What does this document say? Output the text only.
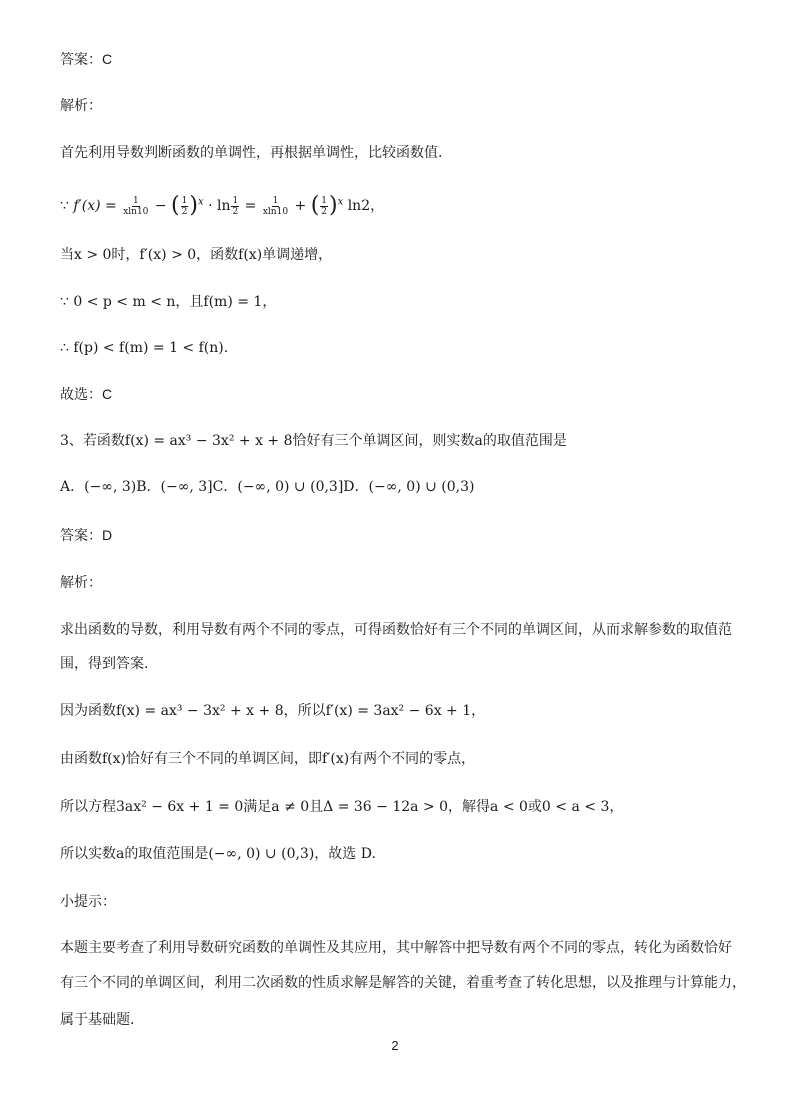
答案：C
解析：
首先利用导数判断函数的单调性，再根据单调性，比较函数值.
∵ $f'(x) = \frac{1}{xln10}$ − ( $\frac{1}{2} )^x \cdot \ln \frac{1}{2} = \frac{1}{xln10}$ + ( $\frac{1}{2} )^x$ ln2，
当x > 0时，f′(x) > 0，函数f(x)单调递增，
∵ 0 < p < m < n，且f(m) = 1，
∴ f(p) < f(m) = 1 < f(n).
故选：C
3、若函数f(x) = ax³ − 3x² + x + 8恰好有三个单调区间，则实数a的取值范围是
A．(−∞, 3)B．(−∞, 3]C．(−∞, 0) ∪ (0,3]D．(−∞, 0) ∪ (0,3)
答案：D
解析：
求出函数的导数，利用导数有两个不同的零点，可得函数恰好有三个不同的单调区间，从而求解参数的取值范
围，得到答案.
因为函数f(x) = ax³ − 3x² + x + 8，所以f′(x) = 3ax² − 6x + 1，
由函数f(x)恰好有三个不同的单调区间，即f′(x)有两个不同的零点，
所以方程3ax² − 6x + 1 = 0满足a ≠ 0且Δ = 36 − 12a > 0，解得a < 0或0 < a < 3，
所以实数a的取值范围是(−∞, 0) ∪ (0,3)，故选 D.
小提示：
本题主要考查了利用导数研究函数的单调性及其应用，其中解答中把导数有两个不同的零点，转化为函数恰好
有三个不同的单调区间，利用二次函数的性质求解是解答的关键，着重考查了转化思想，以及推理与计算能力，
属于基础题.
2
